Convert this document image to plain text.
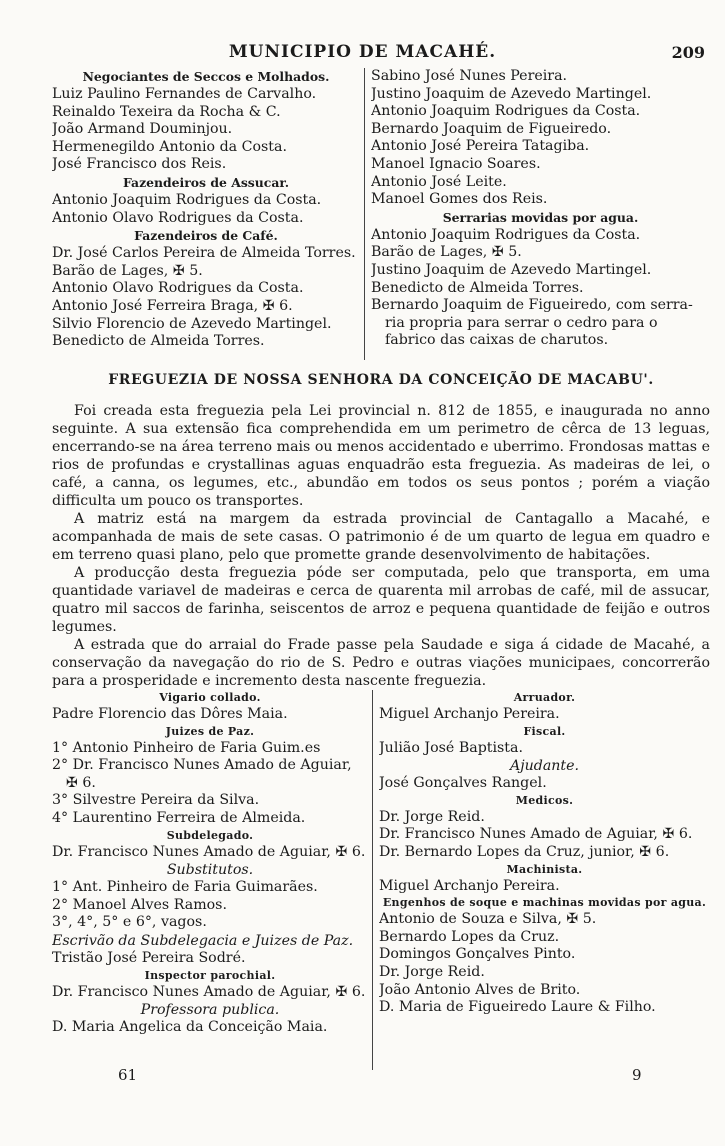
MUNICIPIO DE MACAHÉ.	209
Negociantes de Seccos e Molhados.
Luiz Paulino Fernandes de Carvalho.
Reinaldo Texeira da Rocha & C.
João Armand Douminjou.
Hermenegildo Antonio da Costa.
José Francisco dos Reis.
Fazendeiros de Assucar.
Antonio Joaquim Rodrigues da Costa.
Antonio Olavo Rodrigues da Costa.
Fazendeiros de Café.
Dr. José Carlos Pereira de Almeida Torres.
Barão de Lages, ✠ 5.
Antonio Olavo Rodrigues da Costa.
Antonio José Ferreira Braga, ✠ 6.
Silvio Florencio de Azevedo Martingel.
Benedicto de Almeida Torres.
Sabino José Nunes Pereira.
Justino Joaquim de Azevedo Martingel.
Antonio Joaquim Rodrigues da Costa.
Bernardo Joaquim de Figueiredo.
Antonio José Pereira Tatagiba.
Manoel Ignacio Soares.
Antonio José Leite.
Manoel Gomes dos Reis.
Serrarias movidas por agua.
Antonio Joaquim Rodrigues da Costa.
Barão de Lages, ✠ 5.
Justino Joaquim de Azevedo Martingel.
Benedicto de Almeida Torres.
Bernardo Joaquim de Figueiredo, com serra-
ria propria para serrar o cedro para o
fabrico das caixas de charutos.
FREGUEZIA DE NOSSA SENHORA DA CONCEIÇÃO DE MACABU'.

Foi creada esta freguezia pela Lei provincial n. 812 de 1855, e inaugurada no anno seguinte. A sua extensão fica comprehendida em um perimetro de cêrca de 13 leguas, encerrando-se na área terreno mais ou menos accidentado e uberrimo. Frondosas mattas e rios de profundas e crystallinas aguas enquadrão esta freguezia. As madeiras de lei, o café, a canna, os legumes, etc., abundão em todos os seus pontos ; porém a viação difficulta um pouco os transportes.

A matriz está na margem da estrada provincial de Cantagallo a Macahé, e acompanhada de mais de sete casas. O patrimonio é de um quarto de legua em quadro e em terreno quasi plano, pelo que promette grande desenvolvimento de habitações.

A producção desta freguezia póde ser computada, pelo que transporta, em uma quantidade variavel de madeiras e cerca de quarenta mil arrobas de café, mil de assucar, quatro mil saccos de farinha, seiscentos de arroz e pequena quantidade de feijão e outros legumes.

A estrada que do arraial do Frade passe pela Saudade e siga á cidade de Macahé, a conservação da navegação do rio de S. Pedro e outras viações municipaes, concorrerão para a prosperidade e incremento desta nascente freguezia.

Vigario collado.
Padre Florencio das Dôres Maia.
Juizes de Paz.
1° Antonio Pinheiro de Faria Guim.es
2° Dr. Francisco Nunes Amado de Aguiar,
✠ 6.
3° Silvestre Pereira da Silva.
4° Laurentino Ferreira de Almeida.
Subdelegado.
Dr. Francisco Nunes Amado de Aguiar, ✠ 6.
Substitutos.
1° Ant. Pinheiro de Faria Guimarães.
2° Manoel Alves Ramos.
3°, 4°, 5° e 6°, vagos.
Escrivão da Subdelegacia e Juizes de Paz.
Tristão José Pereira Sodré.
Inspector parochial.
Dr. Francisco Nunes Amado de Aguiar, ✠ 6.
Professora publica.
D. Maria Angelica da Conceição Maia.
Arruador.
Miguel Archanjo Pereira.
Fiscal.
Julião José Baptista.
Ajudante.
José Gonçalves Rangel.
Medicos.
Dr. Jorge Reid.
Dr. Francisco Nunes Amado de Aguiar, ✠ 6.
Dr. Bernardo Lopes da Cruz, junior, ✠ 6.
Machinista.
Miguel Archanjo Pereira.
Engenhos de soque e machinas movidas por agua.
Antonio de Souza e Silva, ✠ 5.
Bernardo Lopes da Cruz.
Domingos Gonçalves Pinto.
Dr. Jorge Reid.
João Antonio Alves de Brito.
D. Maria de Figueiredo Laure & Filho.
61	9
